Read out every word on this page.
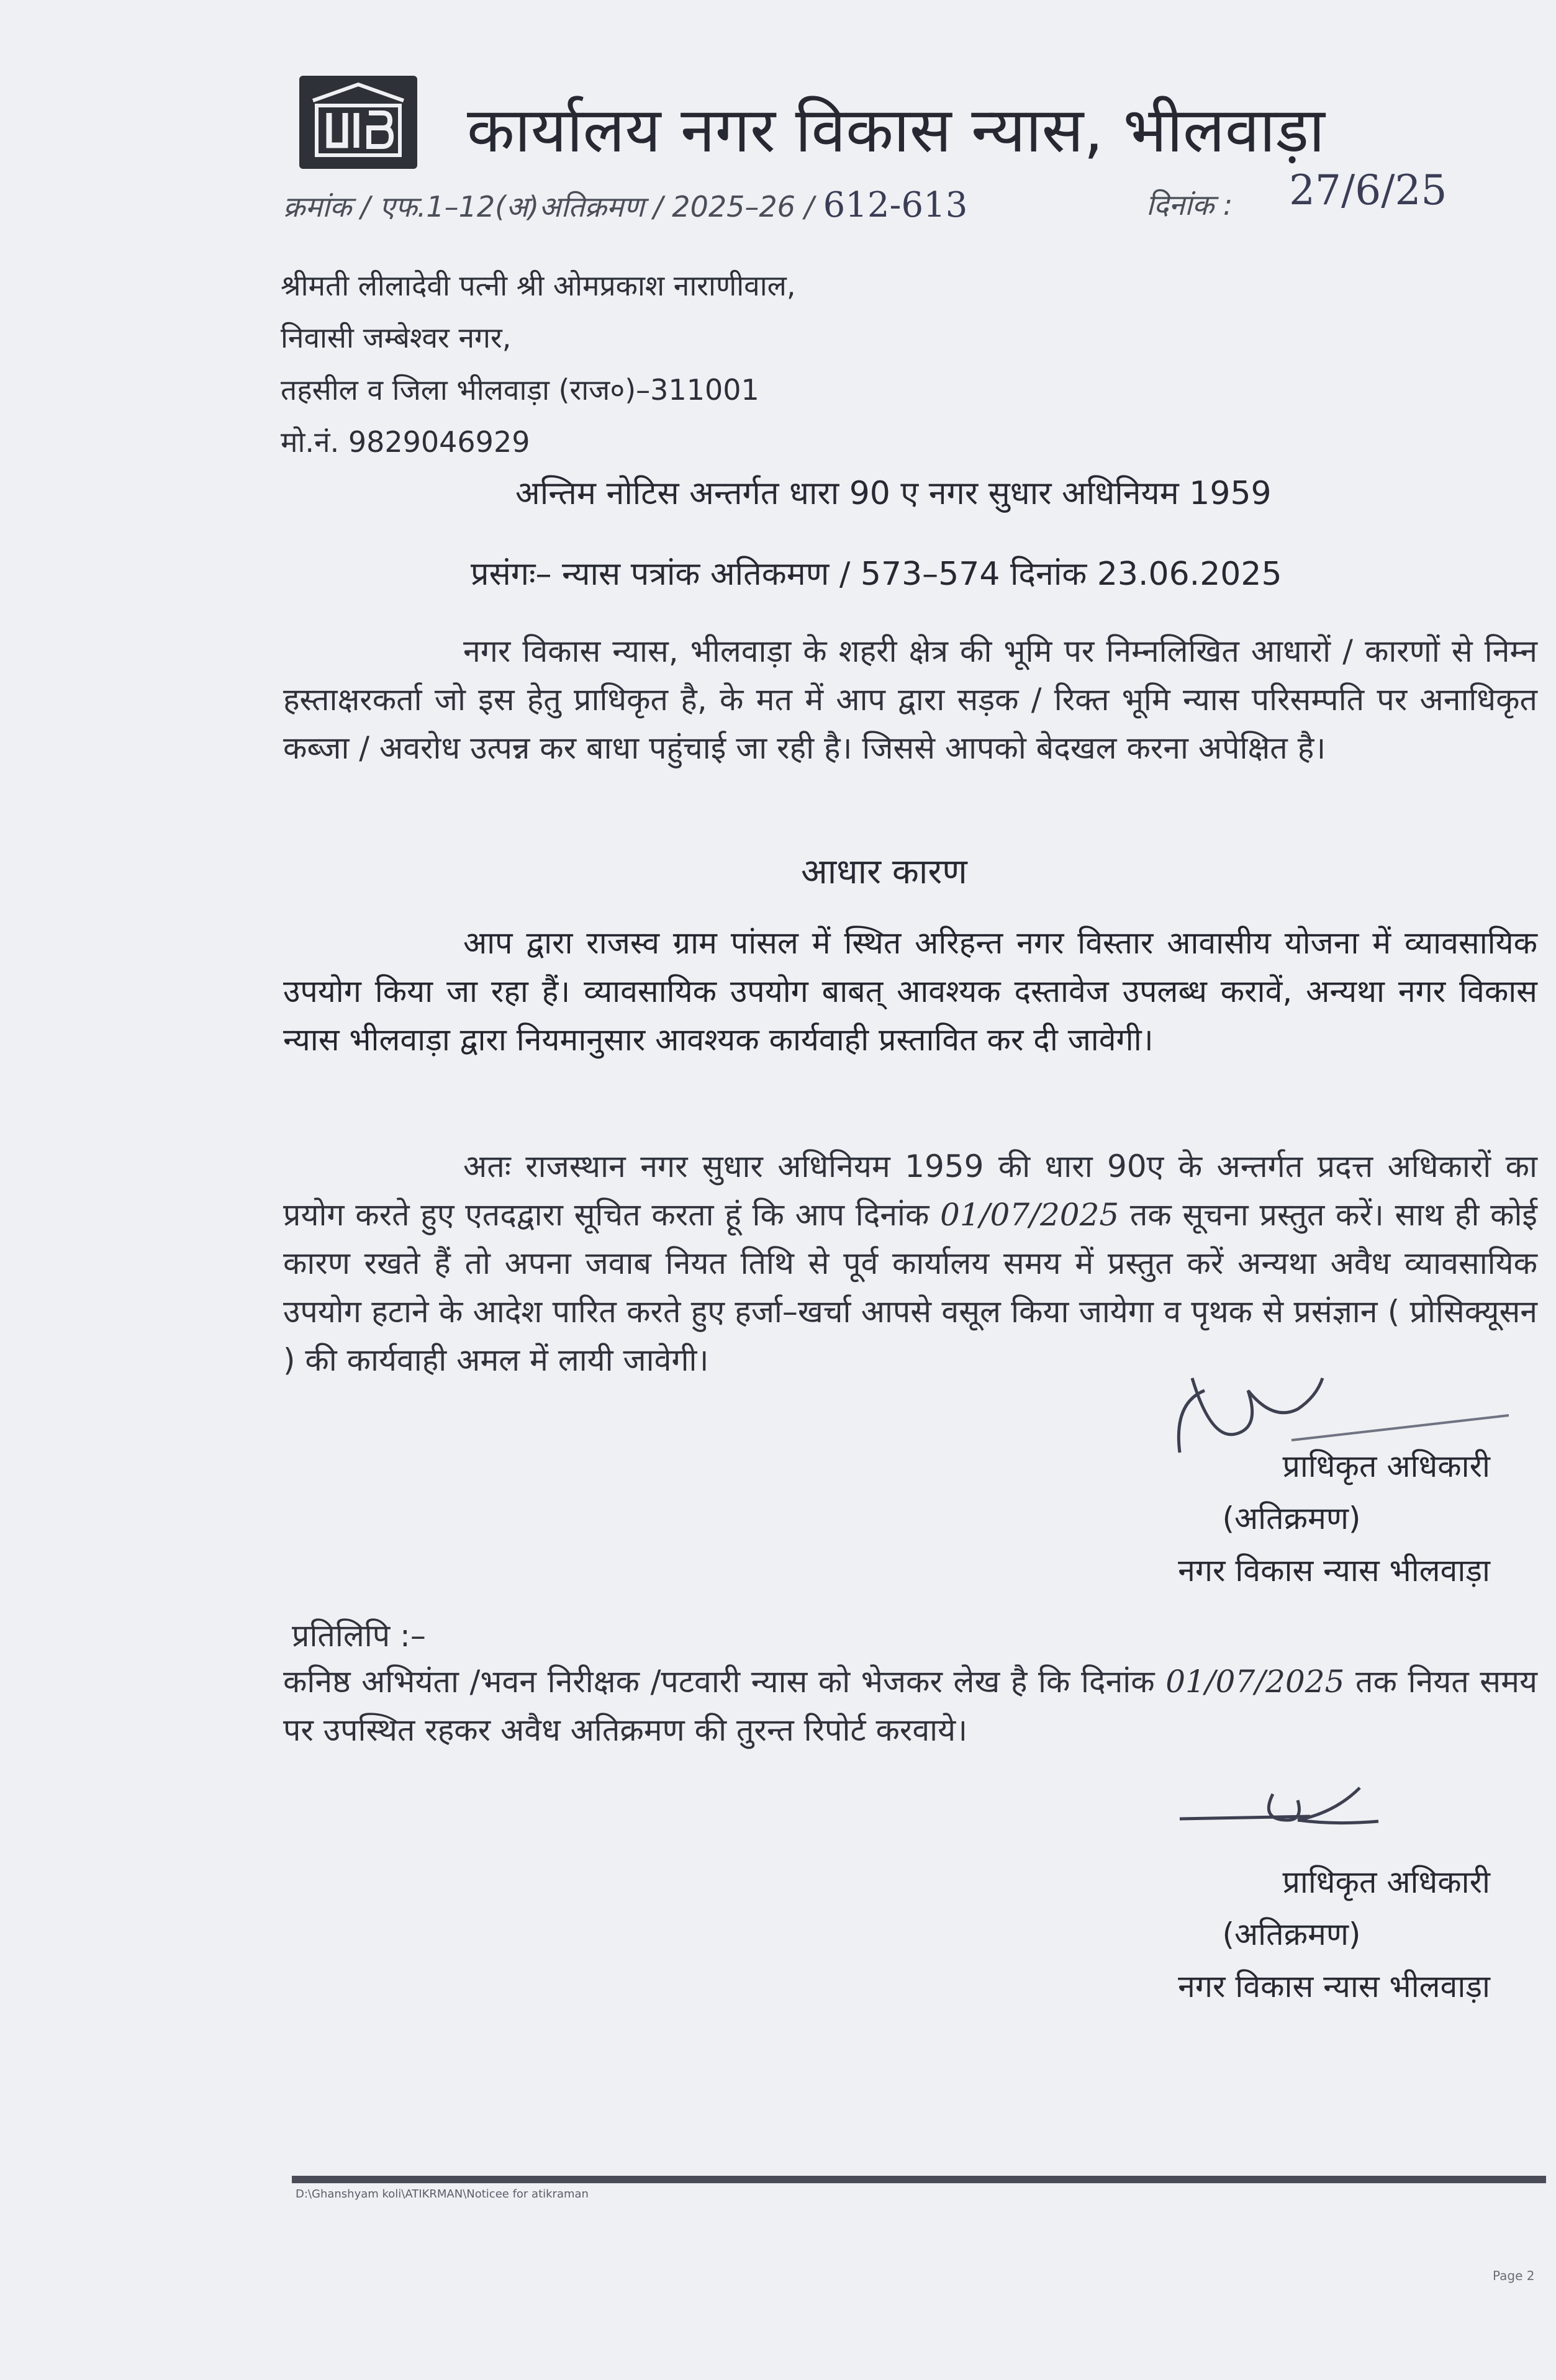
कार्यालय नगर विकास न्यास, भीलवाड़ा
क्रमांक / एफ.1–12(अ)अतिक्रमण / 2025–26 / 612-613	दिनांक : 27/6/25
श्रीमती लीलादेवी पत्नी श्री ओमप्रकाश नाराणीवाल,
निवासी जम्बेश्वर नगर,
तहसील व जिला भीलवाड़ा (राज०)–311001
मो.नं. 9829046929
अन्तिम नोटिस अन्तर्गत धारा 90 ए नगर सुधार अधिनियम 1959
प्रसंगः– न्यास पत्रांक अतिकमण / 573–574 दिनांक 23.06.2025
नगर विकास न्यास, भीलवाड़ा के शहरी क्षेत्र की भूमि पर निम्नलिखित आधारों / कारणों से निम्न हस्ताक्षरकर्ता जो इस हेतु प्राधिकृत है, के मत में आप द्वारा सड़क / रिक्त भूमि न्यास परिसम्पति पर अनाधिकृत कब्जा / अवरोध उत्पन्न कर बाधा पहुंचाई जा रही है। जिससे आपको बेदखल करना अपेक्षित है।
आधार कारण
आप द्वारा राजस्व ग्राम पांसल में स्थित अरिहन्त नगर विस्तार आवासीय योजना में व्यावसायिक उपयोग किया जा रहा हैं। व्यावसायिक उपयोग बाबत् आवश्यक दस्तावेज उपलब्ध करावें, अन्यथा नगर विकास न्यास भीलवाड़ा द्वारा नियमानुसार आवश्यक कार्यवाही प्रस्तावित कर दी जावेगी।
अतः राजस्थान नगर सुधार अधिनियम 1959 की धारा 90ए के अन्तर्गत प्रदत्त अधिकारों का प्रयोग करते हुए एतदद्वारा सूचित करता हूं कि आप दिनांक 01/07/2025 तक सूचना प्रस्तुत करें। साथ ही कोई कारण रखते हैं तो अपना जवाब नियत तिथि से पूर्व कार्यालय समय में प्रस्तुत करें अन्यथा अवैध व्यावसायिक उपयोग हटाने के आदेश पारित करते हुए हर्जा–खर्चा आपसे वसूल किया जायेगा व पृथक से प्रसंज्ञान ( प्रोसिक्यूसन ) की कार्यवाही अमल में लायी जावेगी।
प्राधिकृत अधिकारी
(अतिक्रमण)
नगर विकास न्यास भीलवाड़ा
प्रतिलिपि :–
कनिष्ठ अभियंता /भवन निरीक्षक /पटवारी न्यास को भेजकर लेख है कि दिनांक 01/07/2025 तक नियत समय पर उपस्थित रहकर अवैध अतिक्रमण की तुरन्त रिपोर्ट करवाये।
प्राधिकृत अधिकारी
(अतिक्रमण)
नगर विकास न्यास भीलवाड़ा
D:\Ghanshyam koli\ATIKRMAN\Noticee for atikraman
Page 2
